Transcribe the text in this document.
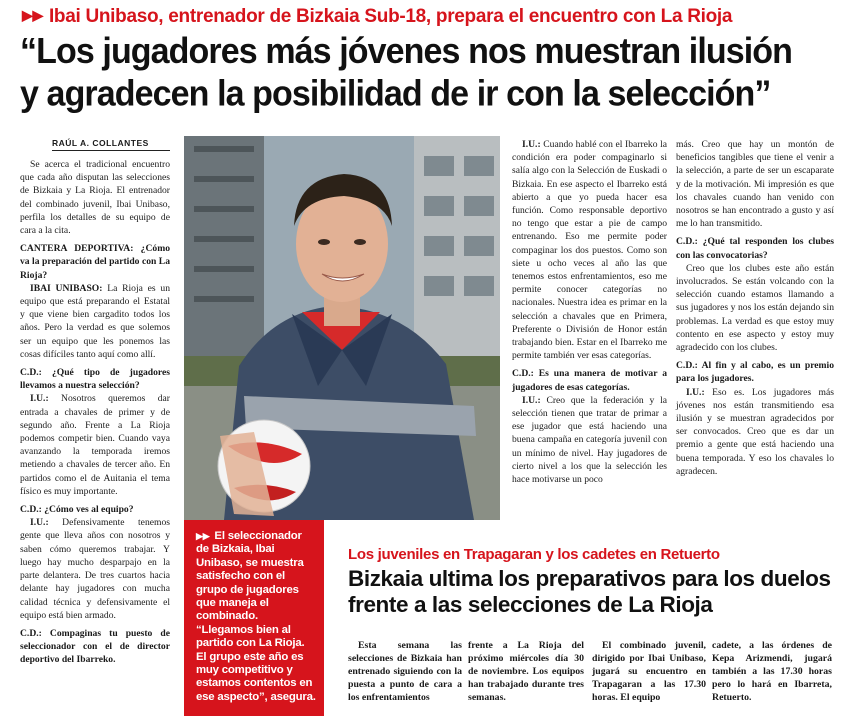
▶▶ Ibai Unibaso, entrenador de Bizkaia Sub-18, prepara el encuentro con La Rioja
“Los jugadores más jóvenes nos muestran ilusión
y agradecen la posibilidad de ir con la selección”
RAÚL A. COLLANTES

Se acerca el tradicional encuentro que cada año disputan las selecciones de Bizkaia y La Rioja. El entrenador del combinado juvenil, Ibai Unibaso, perfila los detalles de su equipo de cara a la cita.

CANTERA DEPORTIVA: ¿Cómo va la preparación del partido con La Rioja?

IBAI UNIBASO: La Rioja es un equipo que está preparando el Estatal y que viene bien cargadito todos los años. Pero la verdad es que solemos ser un equipo que les ponemos las cosas difíciles tanto aquí como allí.

C.D.: ¿Qué tipo de jugadores llevamos a nuestra selección?

I.U.: Nosotros queremos dar entrada a chavales de primer y de segundo año. Frente a La Rioja podemos competir bien. Cuando vaya avanzando la temporada iremos metiendo a chavales de tercer año. En partidos como el de Auitania el tema físico es muy importante.

C.D.: ¿Cómo ves al equipo?

I.U.: Defensivamente tenemos gente que lleva años con nosotros y saben cómo queremos trabajar. Y luego hay mucho desparpajo en la parte delantera. De tres cuartos hacia delante hay jugadores con mucha calidad técnica y defensivamente el equipo está bien armado.

C.D.: Compaginas tu puesto de seleccionador con el de director deportivo del Ibarreko.

I.U.: Cuando hablé con el Ibarreko la condición era poder compaginarlo si salía algo con la Selección de Euskadi o Bizkaia. En ese aspecto el Ibarreko está abierto a que yo pueda hacer esa función. Como responsable deportivo no tengo que estar a pie de campo entrenando. Eso me permite poder compaginar los dos puestos. Como son siete u ocho veces al año las que tenemos estos enfrentamientos, eso me permite conocer categorías no nacionales. Nuestra idea es primar en la selección a chavales que en Primera, Preferente o División de Honor están trabajando bien. Estar en el Ibarreko me permite también ver esas categorías.

C.D.: Es una manera de motivar a jugadores de esas categorías.

I.U.: Creo que la federación y la selección tienen que tratar de primar a ese jugador que está haciendo una buena campaña en categoría juvenil con un mínimo de nivel. Hay jugadores de cierto nivel a los que la selección les hace motivarse un poco

más. Creo que hay un montón de beneficios tangibles que tiene el venir a la selección, a parte de ser un escaparate y de la motivación. Mi impresión es que los chavales cuando han venido con nosotros se han encontrado a gusto y así me lo han transmitido.

C.D.: ¿Qué tal responden los clubes con las convocatorias?

Creo que los clubes este año están involucrados. Se están volcando con la selección cuando estamos llamando a sus jugadores y nos los están dejando sin problemas. La verdad es que estoy muy contento en ese aspecto y estoy muy agradecido con los clubes.

C.D.: Al fin y al cabo, es un premio para los jugadores.

I.U.: Eso es. Los jugadores más jóvenes nos están transmitiendo esa ilusión y se muestran agradecidos por ser convocados. Creo que es dar un premio a gente que está haciendo una buena temporada. Y eso los chavales lo agradecen.

▶▶ El seleccionador de Bizkaia, Ibai Unibaso, se muestra satisfecho con el grupo de jugadores que maneja el combinado. “Llegamos bien al partido con La Rioja. El grupo este año es muy competitivo y estamos contentos en ese aspecto”, asegura.
Los juveniles en Trapagaran y los cadetes en Retuerto
Bizkaia ultima los preparativos para los duelos frente a las selecciones de La Rioja
Esta semana las selecciones de Bizkaia han entrenado siguiendo con la puesta a punto de cara a los enfrentamientos
frente a La Rioja del próximo miércoles día 30 de noviembre. Los equipos han trabajado durante tres semanas.
El combinado juvenil, dirigido por Ibai Unibaso, jugará su encuentro en Trapagaran a las 17.30 horas. El equipo
cadete, a las órdenes de Kepa Arizmendi, jugará también a las 17.30 horas pero lo hará en Ibarreta, Retuerto.
